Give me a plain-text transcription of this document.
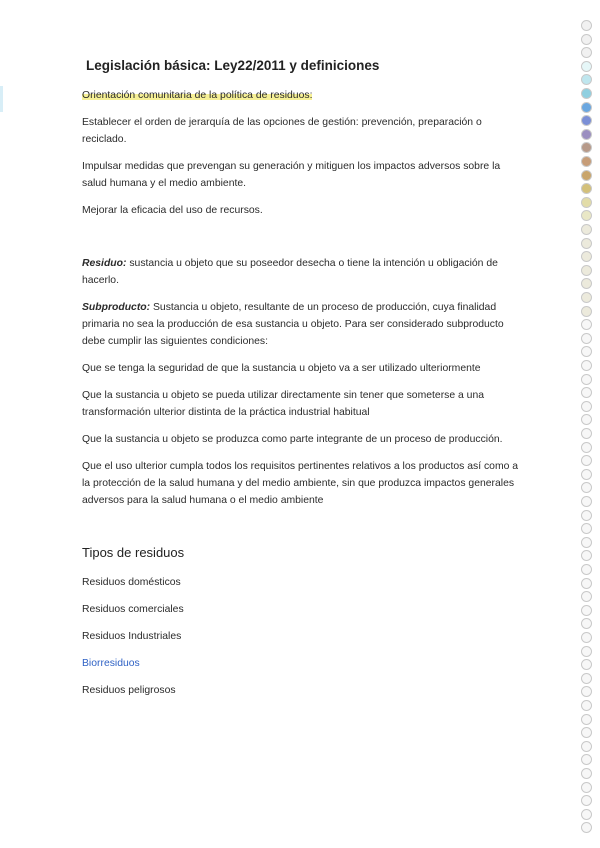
Legislación básica: Ley22/2011 y definiciones

Orientación comunitaria de la política de residuos:

Establecer el orden de jerarquía de las opciones de gestión: prevención, preparación o reciclado.

Impulsar medidas que prevengan su generación y mitiguen los impactos adversos sobre la salud humana y el medio ambiente.

Mejorar la eficacia del uso de recursos.

Residuo: sustancia u objeto que su poseedor desecha o tiene la intención u obligación de hacerlo.

Subproducto: Sustancia u objeto, resultante de un proceso de producción, cuya finalidad primaria no sea la producción de esa sustancia u objeto. Para ser considerado subproducto debe cumplir las siguientes condiciones:

Que se tenga la seguridad de que la sustancia u objeto va a ser utilizado ulteriormente

Que la sustancia u objeto se pueda utilizar directamente sin tener que someterse a una transformación ulterior distinta de la práctica industrial habitual

Que la sustancia u objeto se produzca como parte integrante de un proceso de producción.

Que el uso ulterior cumpla todos los requisitos pertinentes relativos a los productos así como a la protección de la salud humana y del medio ambiente, sin que produzca impactos generales adversos para la salud humana o el medio ambiente

Tipos de residuos
Residuos domésticos
Residuos comerciales
Residuos Industriales
Biorresiduos
Residuos peligrosos
